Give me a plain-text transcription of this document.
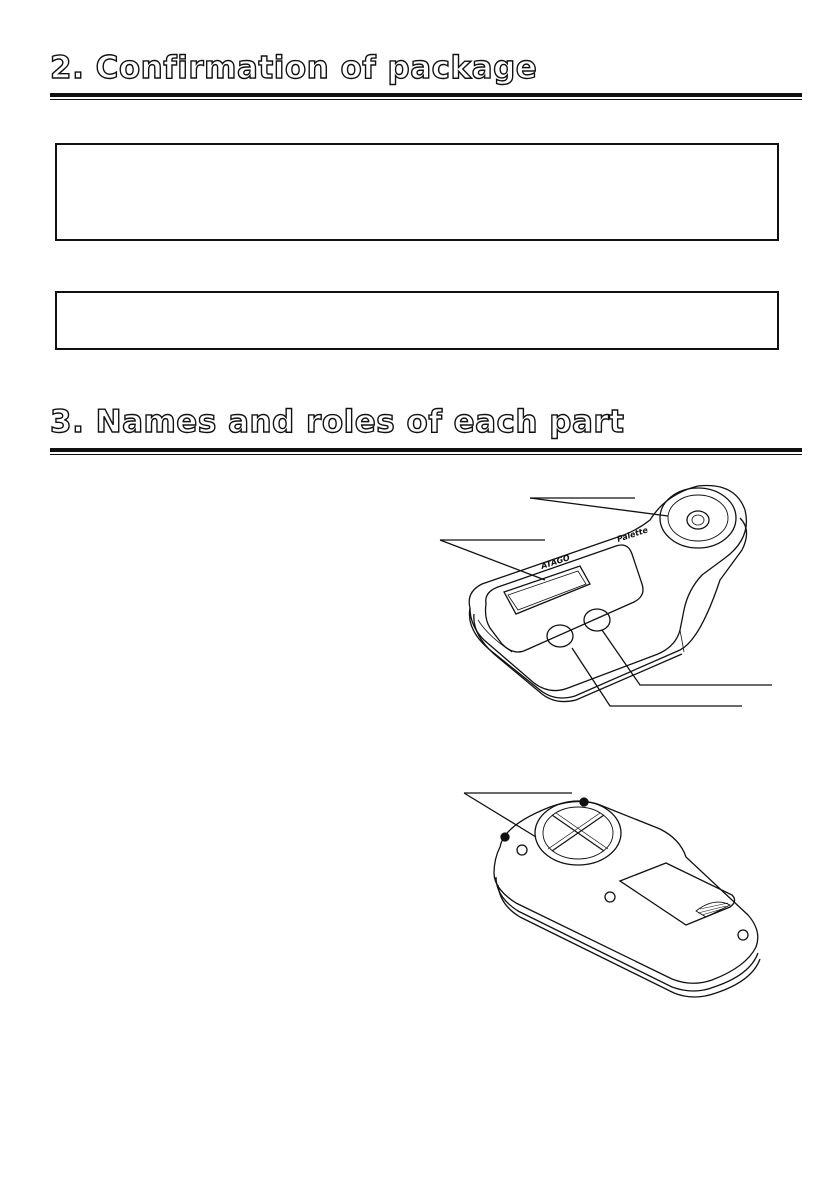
2. Confirmation of package
3. Names and roles of each part
ATAGO
Palette
